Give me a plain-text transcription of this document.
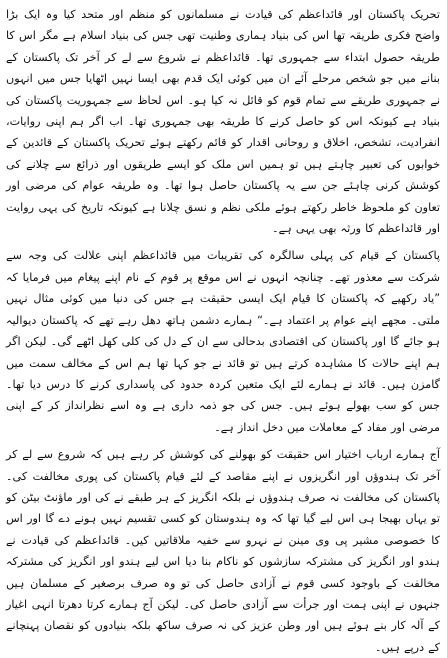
تحریک پاکستان اور قائداعظم کی قیادت نے مسلمانوں کو منظم اور متحد کیا وہ ایک بڑا واضح فکری طریقہ تھا اس کی بنیاد ہماری وطنیت تھی جس کی بنیاد اسلام ہے مگر اس کا طریقہ حصول ابتداء سے جمہوری تھا۔ قائداعظم نے شروع سے لے کر آخر تک پاکستان کے بنانے میں جو شخص مرحلے آئے ان میں کوئی ایک قدم بھی ایسا نہیں اٹھایا جس میں انہوں نے جمہوری طریقے سے تمام قوم کو قائل نہ کیا ہو۔ اس لحاظ سے جمہوریت پاکستان کی بنیاد ہے کیونکہ اس کو حاصل کرنے کا طریقہ بھی جمہوری تھا۔ اب اگر ہم اپنی روایات، انفرادیت، تشخص، اخلاق و روحانی اقدار کو قائم رکھتے ہوئے تحریک پاکستان کے قائدین کے خوابوں کی تعبیر چاہتے ہیں تو ہمیں اس ملک کو ایسے طریقوں اور ذرائع سے چلانے کی کوشش کرنی چاہئے جن سے یہ پاکستان حاصل ہوا تھا۔ وہ طریقہ عوام کی مرضی اور تعاون کو ملحوظ خاطر رکھتے ہوئے ملکی نظم و نسق چلانا ہے کیونکہ تاریخ کی یہی روایت اور قائداعظم کا ورثہ بھی یہی ہے۔

پاکستان کے قیام کی پہلی سالگرہ کی تقریبات میں قائداعظم اپنی علالت کی وجہ سے شرکت سے معذور تھے۔ چنانچہ انہوں نے اس موقع پر قوم کے نام اپنے پیغام میں فرمایا کہ ”یاد رکھیے کہ پاکستان کا قیام ایک ایسی حقیقت ہے جس کی دنیا میں کوئی مثال نہیں ملتی۔ مجھے اپنے عوام پر اعتماد ہے۔“ ہمارے دشمن ہاتھ دھل رہے تھے کہ پاکستان دیوالیہ ہو جائے گا اور پاکستان کی اقتصادی بدحالی سے ان کے دل کی کلی کھل اٹھے گی۔ لیکن اگر ہم اپنے حالات کا مشاہدہ کرتے ہیں تو قائد نے جو کہا تھا ہم اس کے مخالف سمت میں گامزن ہیں۔ قائد نے ہمارے لئے ایک متعین کردہ حدود کی پاسداری کرنے کا درس دیا تھا۔ جس کو سب بھولے ہوئے ہیں۔ جس کی جو ذمہ داری ہے وہ اسے نظرانداز کر کے اپنی مرضی اور مفاد کے معاملات میں دخل انداز ہے۔

آج ہمارے ارباب اختیار اس حقیقت کو بھولنے کی کوشش کر رہے ہیں کہ شروع سے لے کر آخر تک ہندوؤں اور انگریزوں نے اپنے مقاصد کے لئے قیام پاکستان کی پوری مخالفت کی۔ پاکستان کی مخالفت نہ صرف ہندوؤں نے بلکہ انگریز کے ہر طبقے نے کی اور ماؤنٹ بیٹن کو تو یہاں بھیجا ہی اس لیے گیا تھا کہ وہ ہندوستان کو کسی تقسیم نہیں ہونے دے گا اور اس کا خصوصی مشیر پی وی مینن نے نہرو سے خفیہ ملاقاتیں کیں۔ قائداعظم کی قیادت نے ہندو اور انگریز کی مشترکہ سازشوں کو ناکام بنا دیا اس لیے ہندو اور انگریز کی مشترکہ مخالفت کے باوجود کسی قوم نے آزادی حاصل کی تو وہ صرف برصغیر کے مسلمان ہیں جنہوں نے اپنی ہمت اور جرأت سے آزادی حاصل کی۔ لیکن آج ہمارے کرتا دھرتا انہی اغیار کے آلہ کار بنے ہوئے ہیں اور وطن عزیز کی نہ صرف ساکھ بلکہ بنیادوں کو نقصان پہنچانے کے درپے ہیں۔
